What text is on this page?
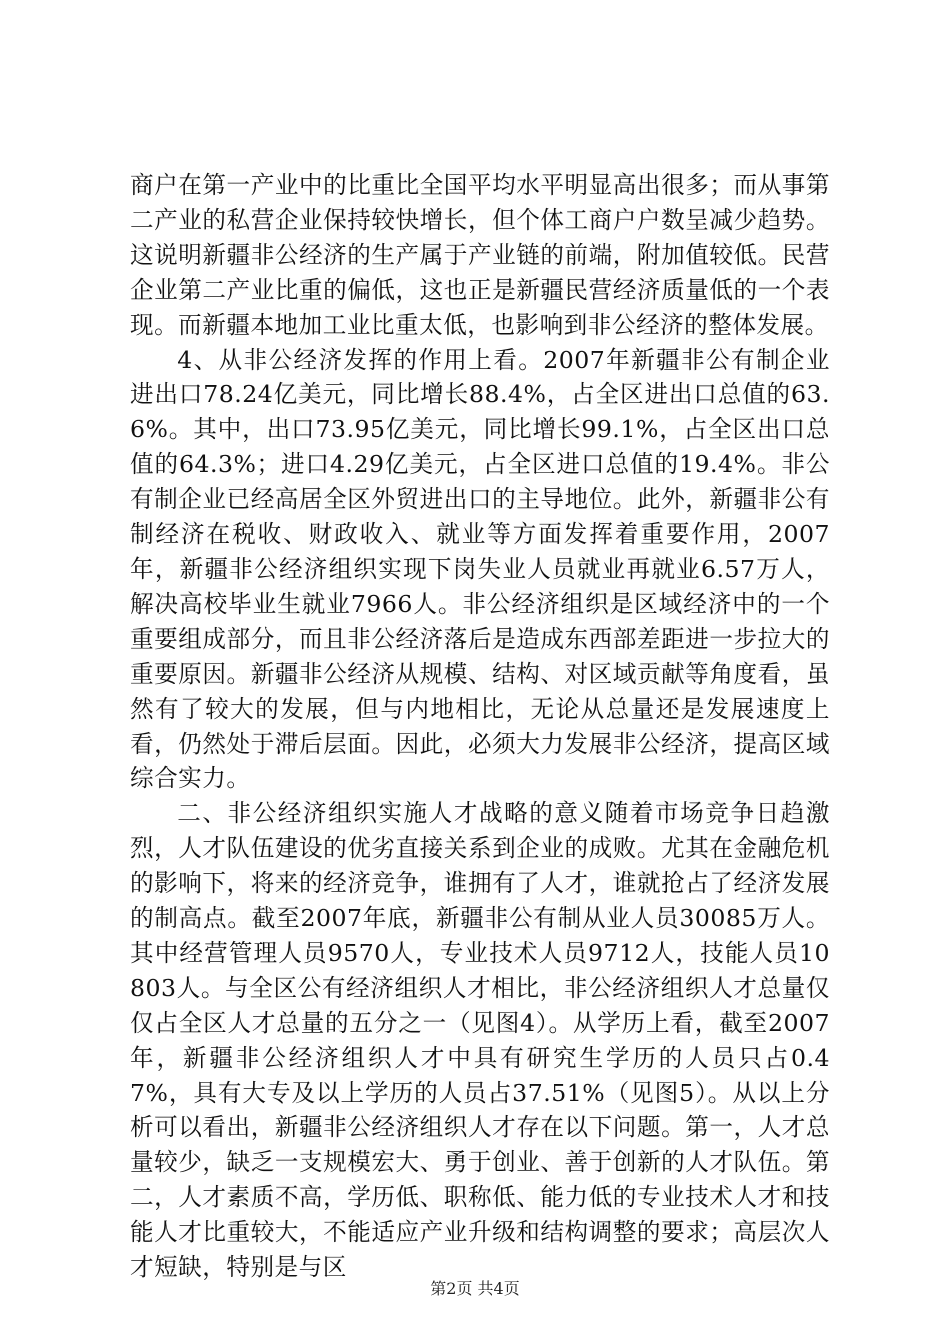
商户在第一产业中的比重比全国平均水平明显高出很多；而从事第二产业的私营企业保持较快增长，但个体工商户户数呈减少趋势。这说明新疆非公经济的生产属于产业链的前端，附加值较低。民营企业第二产业比重的偏低，这也正是新疆民营经济质量低的一个表现。而新疆本地加工业比重太低，也影响到非公经济的整体发展。

4、从非公经济发挥的作用上看。2007年新疆非公有制企业进出口78.24亿美元，同比增长88.4%，占全区进出口总值的63.6%。其中，出口73.95亿美元，同比增长99.1%，占全区出口总值的64.3%；进口4.29亿美元，占全区进口总值的19.4%。非公有制企业已经高居全区外贸进出口的主导地位。此外，新疆非公有制经济在税收、财政收入、就业等方面发挥着重要作用，2007年，新疆非公经济组织实现下岗失业人员就业再就业6.57万人，解决高校毕业生就业7966人。非公经济组织是区域经济中的一个重要组成部分，而且非公经济落后是造成东西部差距进一步拉大的重要原因。新疆非公经济从规模、结构、对区域贡献等角度看，虽然有了较大的发展，但与内地相比，无论从总量还是发展速度上看，仍然处于滞后层面。因此，必须大力发展非公经济，提高区域综合实力。

二、非公经济组织实施人才战略的意义随着市场竞争日趋激烈，人才队伍建设的优劣直接关系到企业的成败。尤其在金融危机的影响下，将来的经济竞争，谁拥有了人才，谁就抢占了经济发展的制高点。截至2007年底，新疆非公有制从业人员30085万人。其中经营管理人员9570人，专业技术人员9712人，技能人员10803人。与全区公有经济组织人才相比，非公经济组织人才总量仅仅占全区人才总量的五分之一（见图4）。从学历上看，截至2007年，新疆非公经济组织人才中具有研究生学历的人员只占0.47%，具有大专及以上学历的人员占37.51%（见图5）。从以上分析可以看出，新疆非公经济组织人才存在以下问题。第一，人才总量较少，缺乏一支规模宏大、勇于创业、善于创新的人才队伍。第二，人才素质不高，学历低、职称低、能力低的专业技术人才和技能人才比重较大，不能适应产业升级和结构调整的要求；高层次人才短缺，特别是与区

第2页 共4页
